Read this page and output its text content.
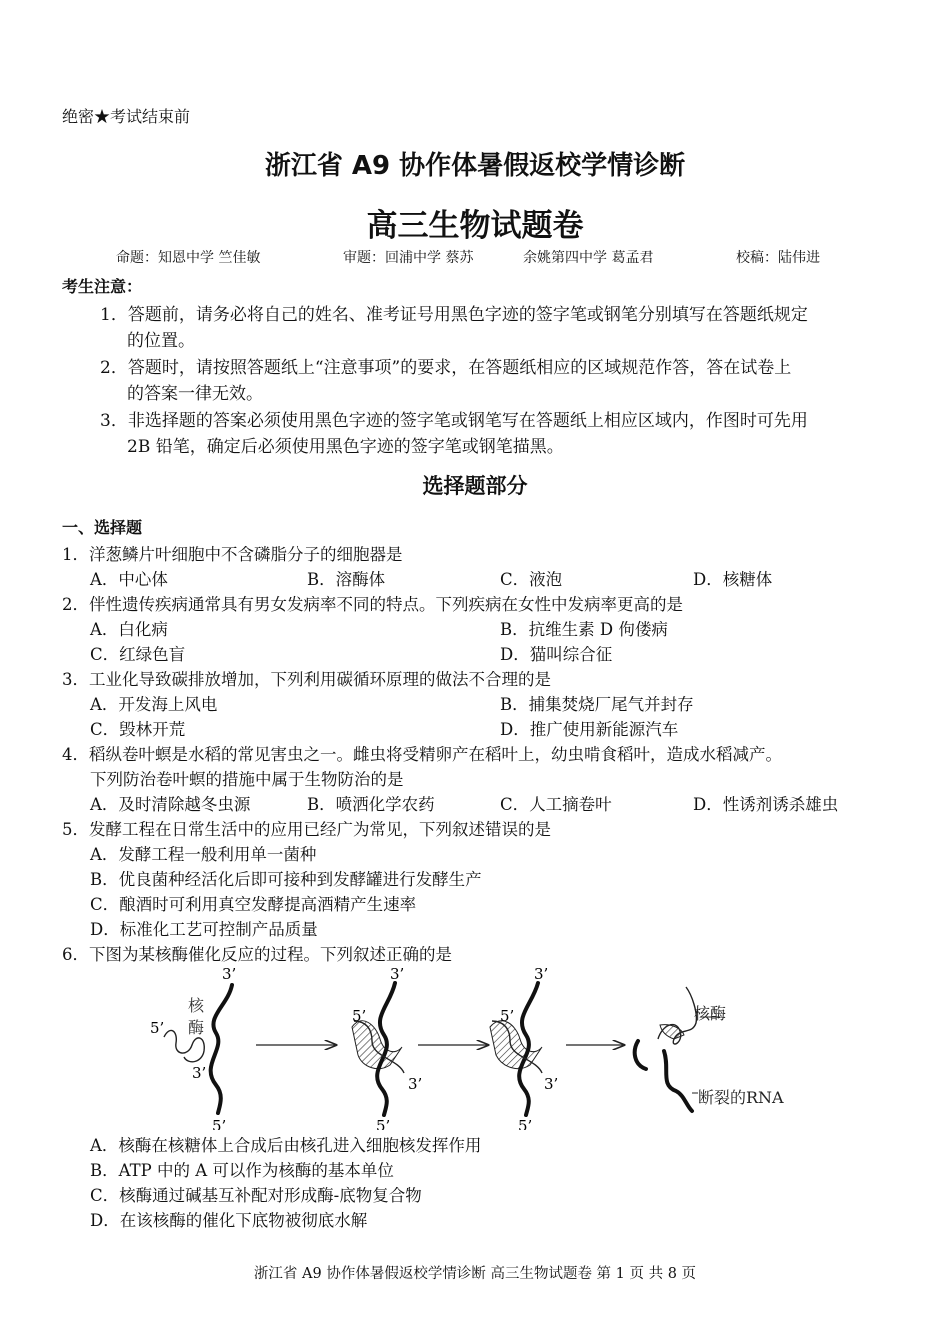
绝密★考试结束前
浙江省 A9 协作体暑假返校学情诊断
高三生物试题卷
命题：知恩中学 竺佳敏	审题：回浦中学 蔡苏	余姚第四中学 葛孟君	校稿：陆伟进
考生注意：
1．答题前，请务必将自己的姓名、准考证号用黑色字迹的签字笔或钢笔分别填写在答题纸规定
的位置。
2．答题时，请按照答题纸上“注意事项”的要求，在答题纸相应的区域规范作答，答在试卷上
的答案一律无效。
3．非选择题的答案必须使用黑色字迹的签字笔或钢笔写在答题纸上相应区域内，作图时可先用
2B 铅笔，确定后必须使用黑色字迹的签字笔或钢笔描黑。
选择题部分
一、选择题
1．洋葱鳞片叶细胞中不含磷脂分子的细胞器是
A．中心体	B．溶酶体	C．液泡	D．核糖体
2．伴性遗传疾病通常具有男女发病率不同的特点。下列疾病在女性中发病率更高的是
A．白化病	B．抗维生素 D 佝偻病
C．红绿色盲	D．猫叫综合征
3．工业化导致碳排放增加，下列利用碳循环原理的做法不合理的是
A．开发海上风电	B．捕集焚烧厂尾气并封存
C．毁林开荒	D．推广使用新能源汽车
4．稻纵卷叶螟是水稻的常见害虫之一。雌虫将受精卵产在稻叶上，幼虫啃食稻叶，造成水稻减产。
下列防治卷叶螟的措施中属于生物防治的是
A．及时清除越冬虫源	B．喷洒化学农药	C．人工摘卷叶	D．性诱剂诱杀雄虫
5．发酵工程在日常生活中的应用已经广为常见，下列叙述错误的是
A．发酵工程一般利用单一菌种
B．优良菌种经活化后即可接种到发酵罐进行发酵生产
C．酿酒时可利用真空发酵提高酒精产生速率
D．标准化工艺可控制产品质量
6．下图为某核酶催化反应的过程。下列叙述正确的是
3’
5’
3’
5’
核
酶
3’
5’
3’
5’
3’
5’
3’
5’
核酶
断裂的RNA
A．核酶在核糖体上合成后由核孔进入细胞核发挥作用
B．ATP 中的 A 可以作为核酶的基本单位
C．核酶通过碱基互补配对形成酶-底物复合物
D．在该核酶的催化下底物被彻底水解
浙江省 A9 协作体暑假返校学情诊断 高三生物试题卷 第 1 页 共 8 页
